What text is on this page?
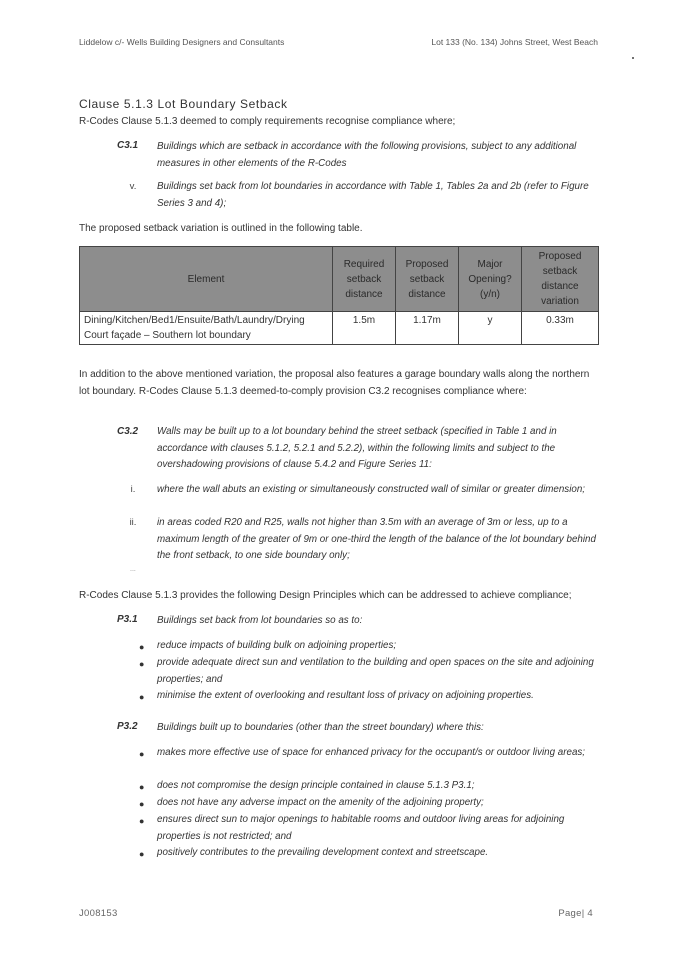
Liddelow c/- Wells Building Designers and Consultants	Lot 133 (No. 134) Johns Street, West Beach
Clause 5.1.3 Lot Boundary Setback
R-Codes Clause 5.1.3 deemed to comply requirements recognise compliance where;
C3.1 Buildings which are setback in accordance with the following provisions, subject to any additional measures in other elements of the R-Codes
v.	Buildings set back from lot boundaries in accordance with Table 1, Tables 2a and 2b (refer to Figure Series 3 and 4);
The proposed setback variation is outlined in the following table.
Element	Required setback distance	Proposed setback distance	Major Opening? (y/n)	Proposed setback distance variation
Dining/Kitchen/Bed1/Ensuite/Bath/Laundry/Drying Court façade – Southern lot boundary	1.5m	1.17m	y	0.33m
In addition to the above mentioned variation, the proposal also features a garage boundary walls along the northern lot boundary. R-Codes Clause 5.1.3 deemed-to-comply provision C3.2 recognises compliance where:
C3.2 Walls may be built up to a lot boundary behind the street setback (specified in Table 1 and in accordance with clauses 5.1.2, 5.2.1 and 5.2.2), within the following limits and subject to the overshadowing provisions of clause 5.4.2 and Figure Series 11:
i.	where the wall abuts an existing or simultaneously constructed wall of similar or greater dimension;
ii.	in areas coded R20 and R25, walls not higher than 3.5m with an average of 3m or less, up to a maximum length of the greater of 9m or one-third the length of the balance of the lot boundary behind the front setback, to one side boundary only;
...
R-Codes Clause 5.1.3 provides the following Design Principles which can be addressed to achieve compliance;
P3.1 Buildings set back from lot boundaries so as to:
● reduce impacts of building bulk on adjoining properties;
● provide adequate direct sun and ventilation to the building and open spaces on the site and adjoining properties; and
● minimise the extent of overlooking and resultant loss of privacy on adjoining properties.
P3.2 Buildings built up to boundaries (other than the street boundary) where this:
● makes more effective use of space for enhanced privacy for the occupant/s or outdoor living areas;
● does not compromise the design principle contained in clause 5.1.3 P3.1;
● does not have any adverse impact on the amenity of the adjoining property;
● ensures direct sun to major openings to habitable rooms and outdoor living areas for adjoining properties is not restricted; and
● positively contributes to the prevailing development context and streetscape.
J008153	Page| 4
